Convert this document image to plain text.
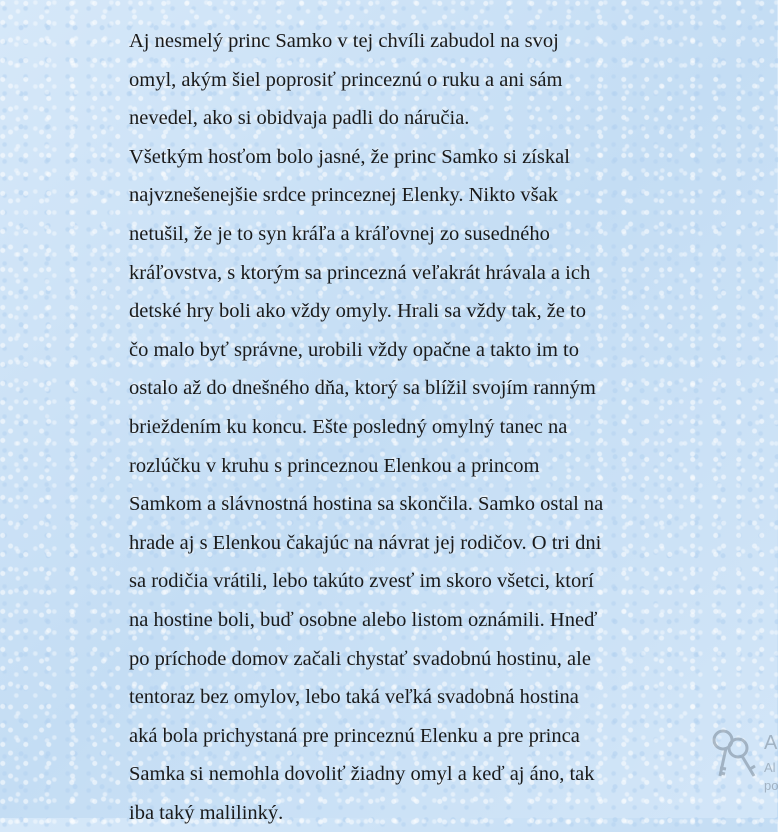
Aj nesmelý princ Samko v tej chvíli zabudol na svoj

omyl, akým šiel poprosiť princeznú o ruku a ani sám

nevedel, ako si obidvaja padli do náručia.

Všetkým hosťom bolo jasné, že princ Samko si získal

najvznešenejšie srdce princeznej Elenky. Nikto však

netušil, že je to syn kráľa a kráľovnej zo susedného

kráľovstva, s ktorým sa princezná veľakrát hrávala a ich

detské hry boli ako vždy omyly. Hrali sa vždy tak, že to

čo malo byť správne, urobili vždy opačne a takto im to

ostalo až do dnešného dňa, ktorý sa blížil svojím ranným

brieždením ku koncu. Ešte posledný omylný tanec na

rozlúčku v kruhu s princeznou Elenkou a princom

Samkom a slávnostná hostina sa skončila. Samko ostal na

hrade aj s Elenkou čakajúc na návrat jej rodičov. O tri dni

sa rodičia vrátili, lebo takúto zvesť im skoro všetci, ktorí

na hostine boli, buď osobne alebo listom oznámili. Hneď

po príchode domov začali chystať svadobnú hostinu, ale

tentoraz bez omylov, lebo taká veľká svadobná hostina

aká bola prichystaná pre princeznú Elenku a pre princa

Samka si nemohla dovoliť žiadny omyl a keď aj áno, tak

iba taký malilinký.

A
Al
po
